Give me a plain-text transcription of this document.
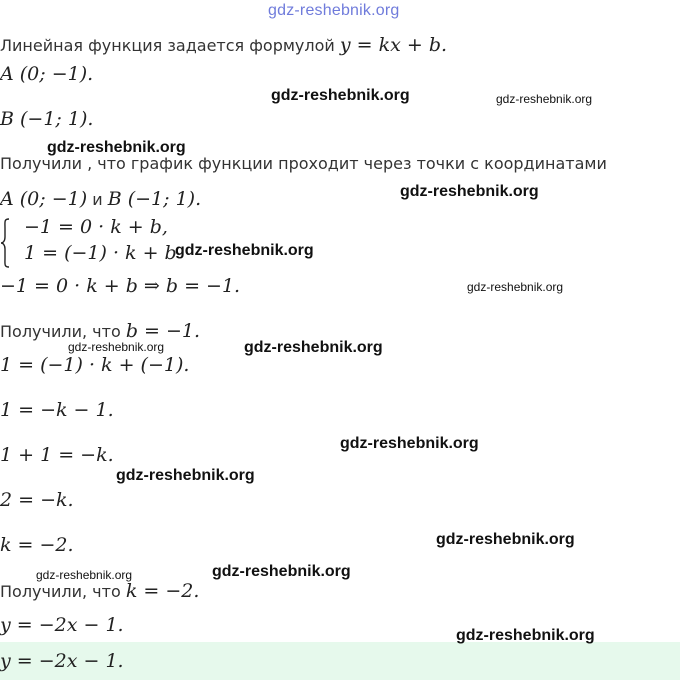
gdz-reshebnik.org
Линейная функция задается формулой y = kx + b.
A (0; −1).
B (−1; 1).
Получили , что график функции проходит через точки с координатами
A (0; −1) и B (−1; 1).
−1 = 0 · k + b,
1 = (−1) · k + b
−1 = 0 · k + b ⇒ b = −1.
Получили, что b = −1.
1 = (−1) · k + (−1).
1 = −k − 1.
1 + 1 = −k.
2 = −k.
k = −2.
Получили, что k = −2.
y = −2x − 1.
y = −2x − 1.
gdz-reshebnik.org	gdz-reshebnik.org
gdz-reshebnik.org
gdz-reshebnik.org
gdz-reshebnik.org
gdz-reshebnik.org
gdz-reshebnik.org	gdz-reshebnik.org
gdz-reshebnik.org
gdz-reshebnik.org
gdz-reshebnik.org
gdz-reshebnik.org	gdz-reshebnik.org
gdz-reshebnik.org
